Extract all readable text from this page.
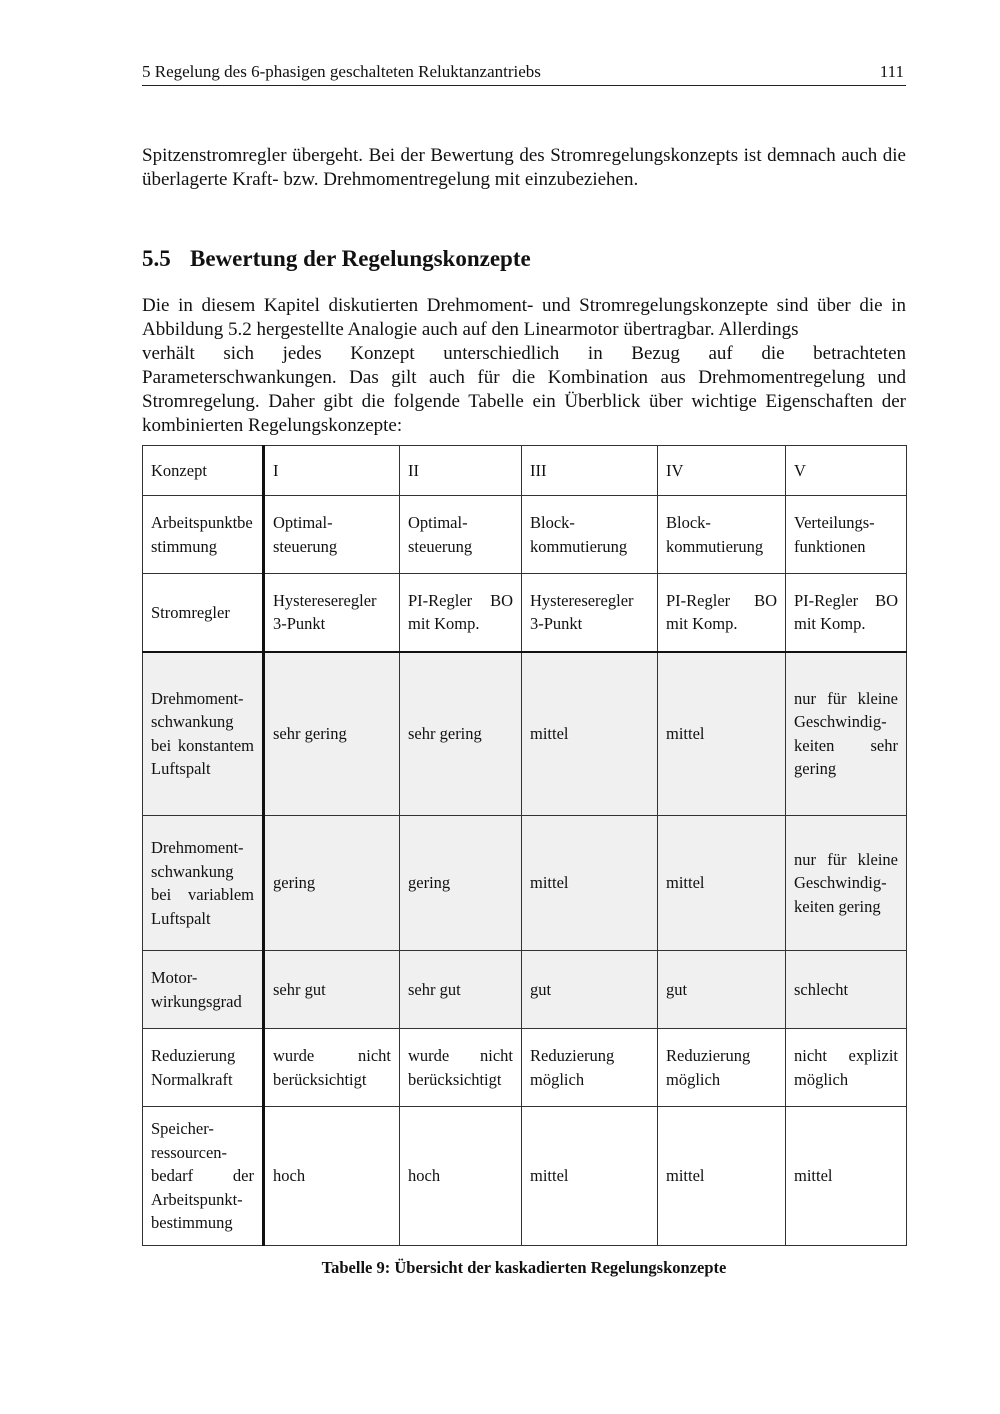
5 Regelung des 6-phasigen geschalteten Reluktanzantriebs	111

Spitzenstromregler übergeht. Bei der Bewertung des Stromregelungskonzepts ist demnach auch die überlagerte Kraft- bzw. Drehmomentregelung mit einzubeziehen.

5.5 Bewertung der Regelungskonzepte
Die in diesem Kapitel diskutierten Drehmoment- und Stromregelungskonzepte sind über die in Abbildung 5.2 hergestellte Analogie auch auf den Linearmotor übertragbar. Allerdings
verhält sich jedes Konzept unterschiedlich in Bezug auf die betrachteten
Parameterschwankungen. Das gilt auch für die Kombination aus Drehmomentregelung und Stromregelung. Daher gibt die folgende Tabelle ein Überblick über wichtige Eigenschaften der kombinierten Regelungskonzepte:
Konzept	I	II	III	IV	V
Arbeitspunktbestimmung	Optimal-steuerung	Optimal-steuerung	Block-kommutierung	Block-kommutierung	Verteilungs-funktionen
Stromregler	Hystereseregler 3-Punkt	PI-Regler BO mit Komp.	Hystereseregler 3-Punkt	PI-Regler BO mit Komp.	PI-Regler BO mit Komp.
Drehmoment-schwankung bei konstantem Luftspalt	sehr gering	sehr gering	mittel	mittel	nur für kleine Geschwindig-keiten sehr gering
Drehmoment-schwankung bei variablem Luftspalt	gering	gering	mittel	mittel	nur für kleine Geschwindig-keiten gering
Motor-wirkungsgrad	sehr gut	sehr gut	gut	gut	schlecht
Reduzierung Normalkraft	wurde nicht berücksichtigt	wurde nicht berücksichtigt	Reduzierung möglich	Reduzierung möglich	nicht explizit möglich
Speicher-ressourcen-bedarf der Arbeitspunkt-bestimmung	hoch	hoch	mittel	mittel	mittel

Tabelle 9: Übersicht der kaskadierten Regelungskonzepte
